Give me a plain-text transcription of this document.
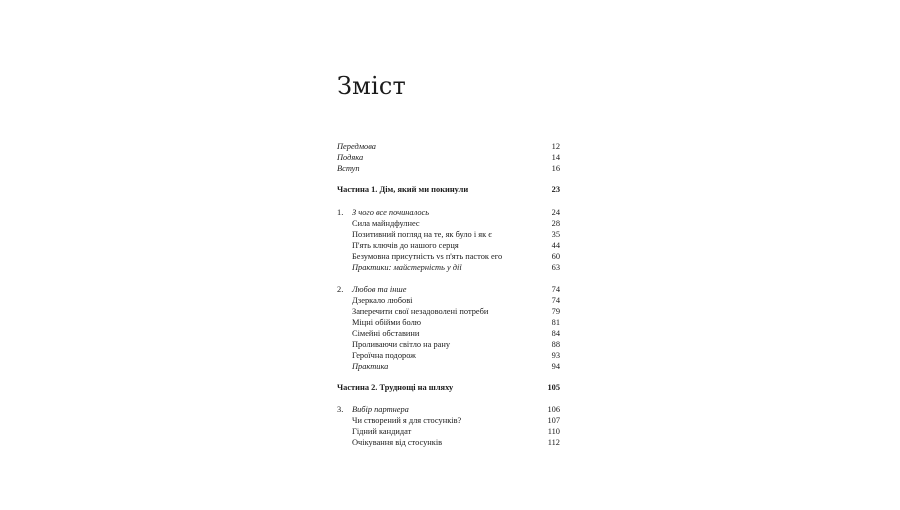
Зміст
Передмова	12
Подяка	14
Вступ	16
Частина 1. Дім, який ми покинули	23
1. З чого все починалось	24
Сила майндфулнес	28
Позитивний погляд на те, як було і як є	35
П'ять ключів до нашого серця	44
Безумовна присутність vs п'ять пасток его	60
Практики: майстерність у дії	63
2. Любов та інше	74
Дзеркало любові	74
Заперечити свої незадоволені потреби	79
Міцні обійми болю	81
Сімейні обставини	84
Проливаючи світло на рану	88
Героїчна подорож	93
Практика	94
Частина 2. Труднощі на шляху	105
3. Вибір партнера	106
Чи створений я для стосунків?	107
Гідний кандидат	110
Очікування від стосунків	112
